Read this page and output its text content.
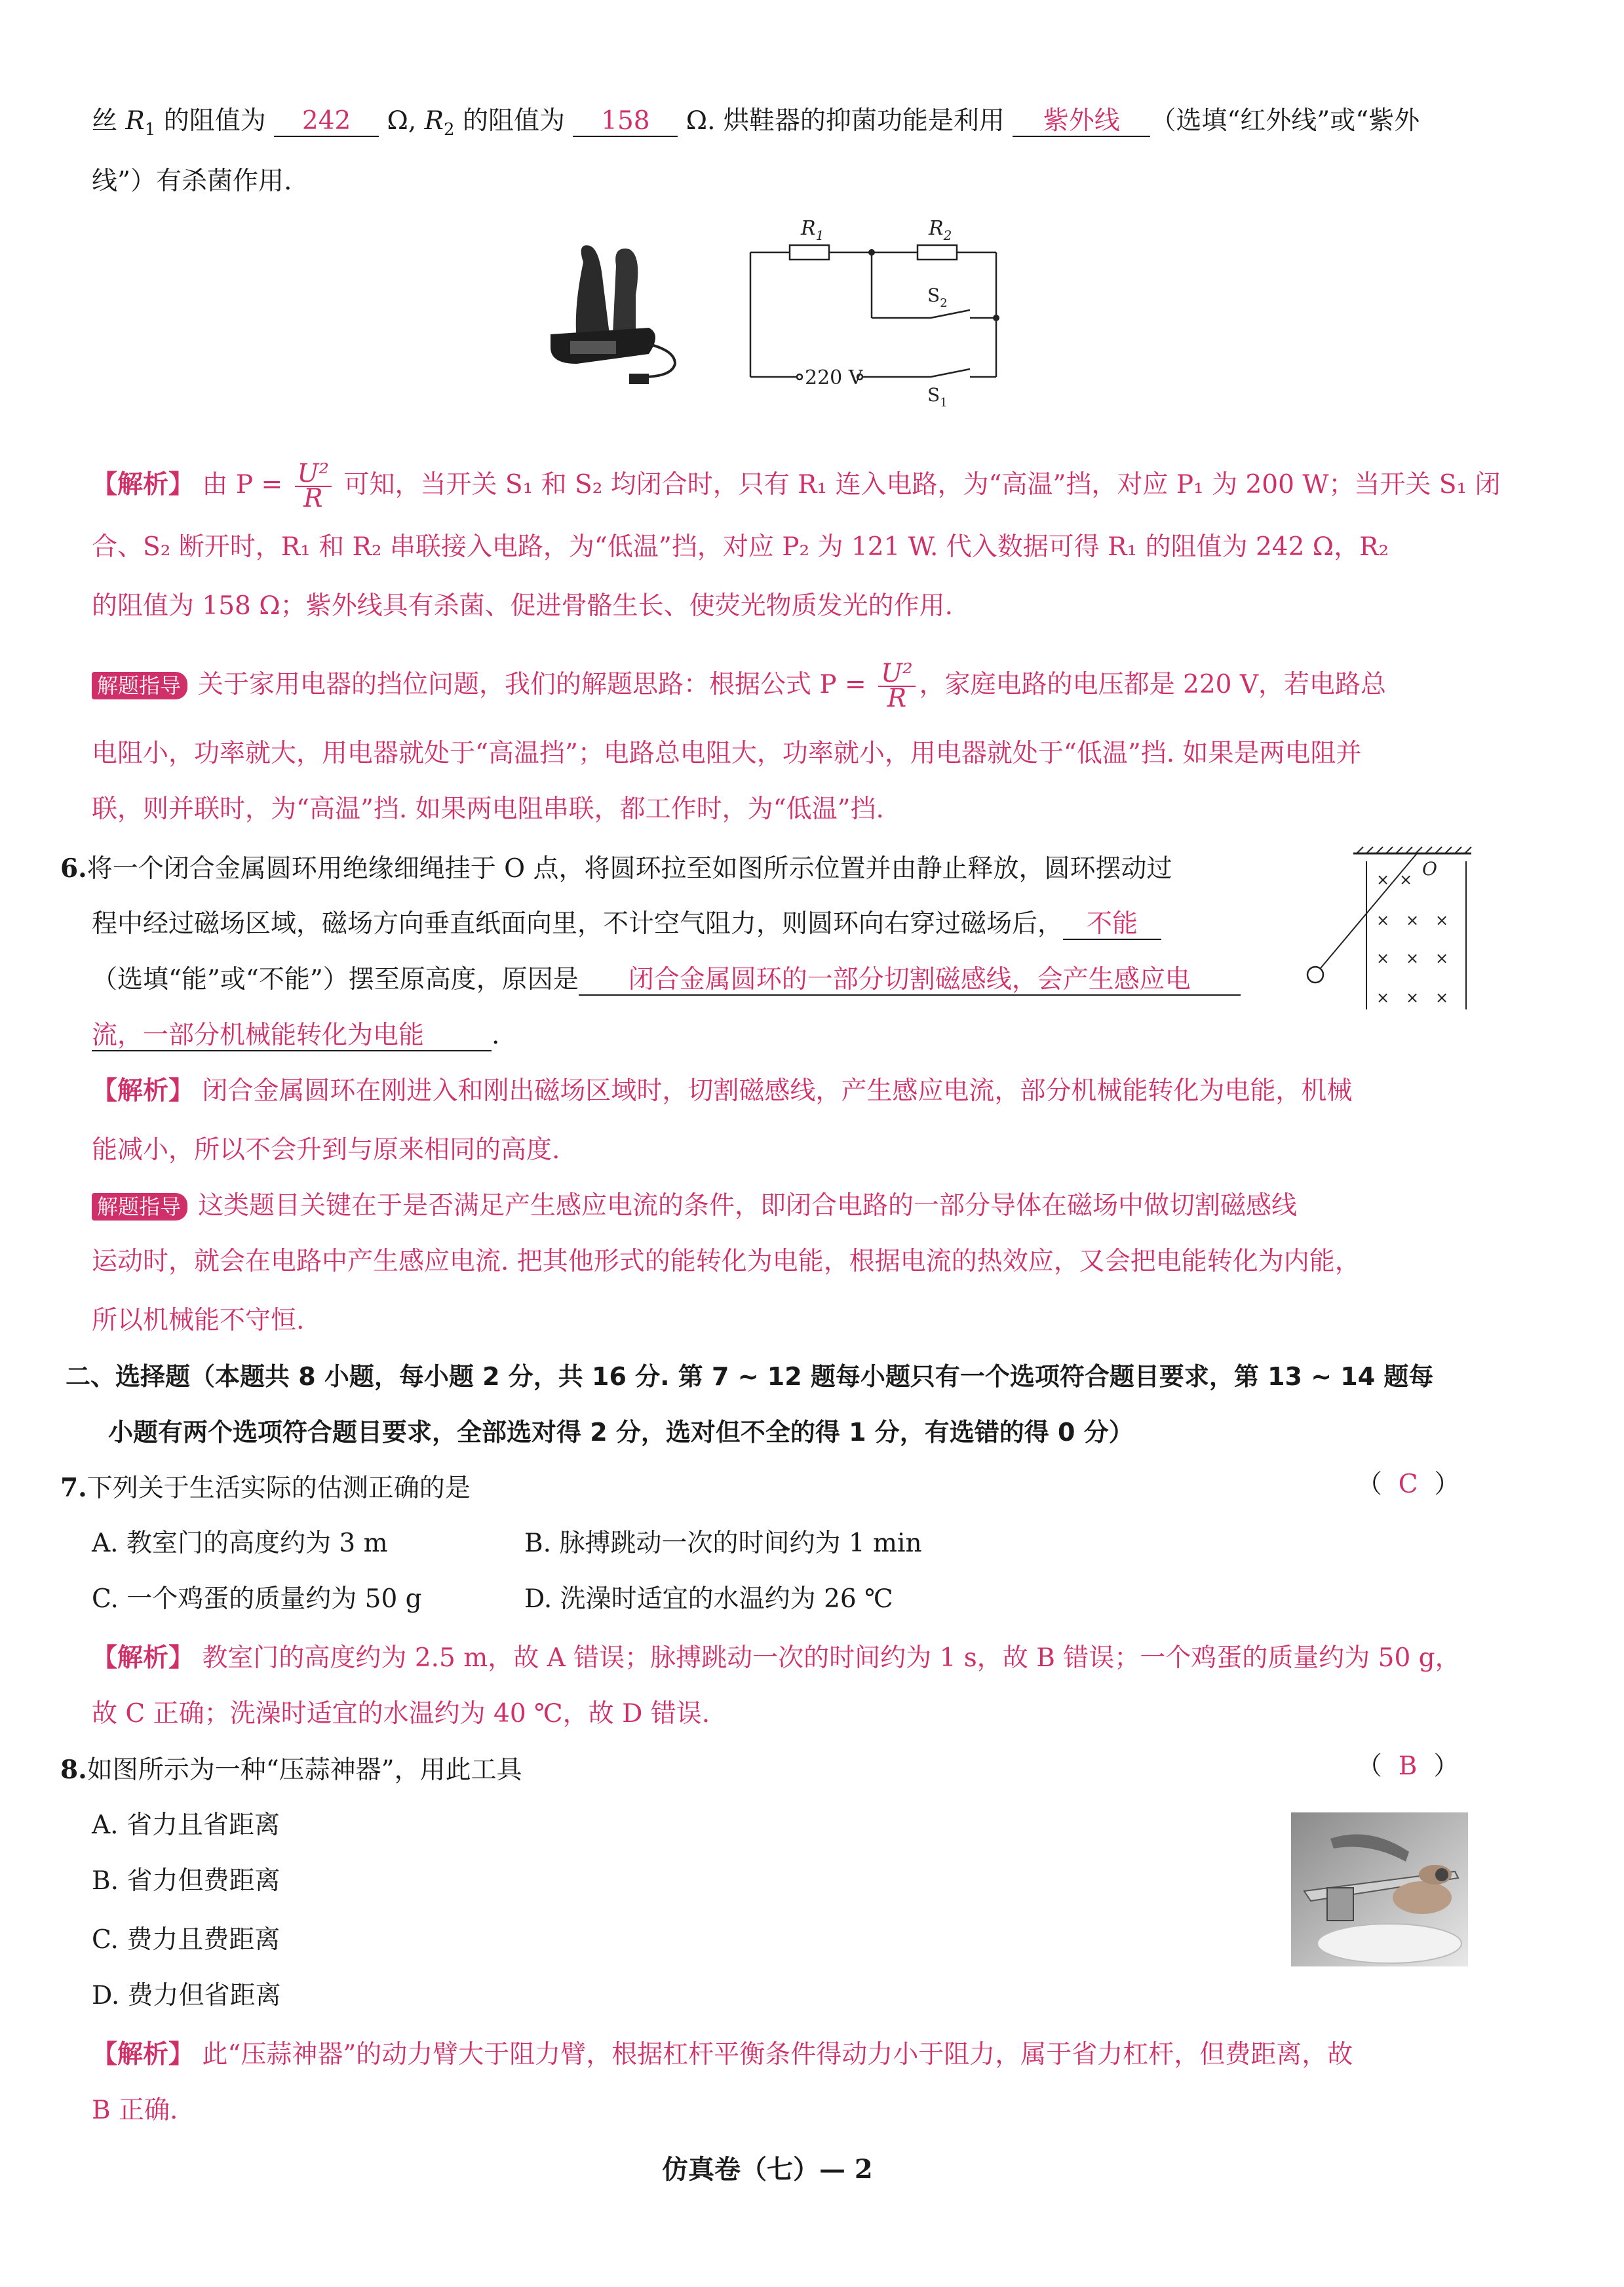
丝 $R_1$ 的阻值为 242 Ω, $R_2$ 的阻值为 158 Ω. 烘鞋器的抑菌功能是利用 紫外线 （选填“红外线”或“紫外
线”）有杀菌作用.
$R_1$	$R_2$
$S_2$
$S_1$
220 V
【解析】 由 $P = \frac{\text{U²}}{R}$ 可知，当开关 S₁ 和 S₂ 均闭合时，只有 R₁ 连入电路，为“高温”挡，对应 P₁ 为 200 W；当开关 S₁ 闭
合、S₂ 断开时，R₁ 和 R₂ 串联接入电路，为“低温”挡，对应 P₂ 为 121 W. 代入数据可得 R₁ 的阻值为 242 Ω，R₂
的阻值为 158 Ω；紫外线具有杀菌、促进骨骼生长、使荧光物质发光的作用.
解题指导 关于家用电器的挡位问题，我们的解题思路：根据公式 $P = \frac{\text{U²}}{R}$ ，家庭电路的电压都是 220 V，若电路总
电阻小，功率就大，用电器就处于“高温挡”；电路总电阻大，功率就小，用电器就处于“低温”挡. 如果是两电阻并
联，则并联时，为“高温”挡. 如果两电阻串联，都工作时，为“低温”挡.
6.将一个闭合金属圆环用绝缘细绳挂于 O 点，将圆环拉至如图所示位置并由静止释放，圆环摆动过
程中经过磁场区域，磁场方向垂直纸面向里，不计空气阻力，则圆环向右穿过磁场后， 不能
（选填“能”或“不能”）摆至原高度，原因是 闭合金属圆环的一部分切割磁感线，会产生感应电
流，一部分机械能转化为电能	.
O
× ×
× × ×
× × ×
× × ×
【解析】 闭合金属圆环在刚进入和刚出磁场区域时，切割磁感线，产生感应电流，部分机械能转化为电能，机械
能减小，所以不会升到与原来相同的高度.
解题指导 这类题目关键在于是否满足产生感应电流的条件，即闭合电路的一部分导体在磁场中做切割磁感线
运动时，就会在电路中产生感应电流. 把其他形式的能转化为电能，根据电流的热效应，又会把电能转化为内能，
所以机械能不守恒.
二、选择题（本题共 8 小题，每小题 2 分，共 16 分. 第 7 ~ 12 题每小题只有一个选项符合题目要求，第 13 ~ 14 题每
小题有两个选项符合题目要求，全部选对得 2 分，选对但不全的得 1 分，有选错的得 0 分）
7.下列关于生活实际的估测正确的是	（  C  ）
A. 教室门的高度约为 3 m	B. 脉搏跳动一次的时间约为 1 min
C. 一个鸡蛋的质量约为 50 g	D. 洗澡时适宜的水温约为 26 ℃
【解析】 教室门的高度约为 2.5 m，故 A 错误；脉搏跳动一次的时间约为 1 s，故 B 错误；一个鸡蛋的质量约为 50 g，
故 C 正确；洗澡时适宜的水温约为 40 ℃，故 D 错误.
8.如图所示为一种“压蒜神器”，用此工具	（  B  ）
A. 省力且省距离
B. 省力但费距离
C. 费力且费距离
D. 费力但省距离
【解析】 此“压蒜神器”的动力臂大于阻力臂，根据杠杆平衡条件得动力小于阻力，属于省力杠杆，但费距离，故
B 正确.
仿真卷（七）— 2
